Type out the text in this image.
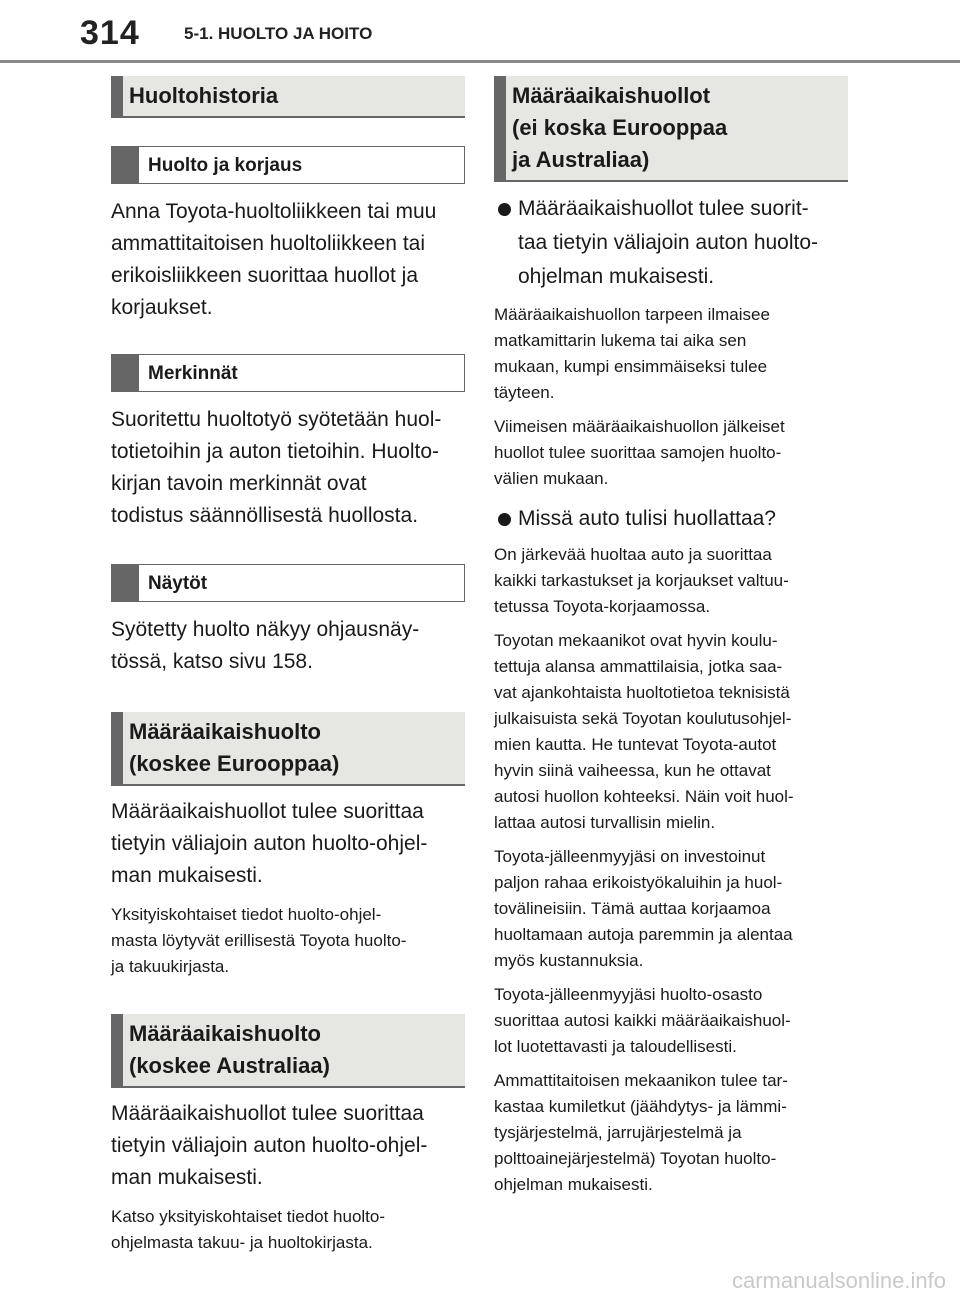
314	5-1. HUOLTO JA HOITO
Huoltohistoria
Huolto ja korjaus

Anna Toyota-huoltoliikkeen tai muu
ammattitaitoisen huoltoliikkeen tai
erikoisliikkeen suorittaa huollot ja
korjaukset.

Merkinnät

Suoritettu huoltotyö syötetään huol-
totietoihin ja auton tietoihin. Huolto-
kirjan tavoin merkinnät ovat
todistus säännöllisestä huollosta.

Näytöt

Syötetty huolto näkyy ohjausnäy-
tössä, katso sivu 158.

Määräaikaishuolto
(koskee Eurooppaa)

Määräaikaishuollot tulee suorittaa
tietyin väliajoin auton huolto-ohjel-
man mukaisesti.

Yksityiskohtaiset tiedot huolto-ohjel-
masta löytyvät erillisestä Toyota huolto-
ja takuukirjasta.

Määräaikaishuolto
(koskee Australiaa)

Määräaikaishuollot tulee suorittaa
tietyin väliajoin auton huolto-ohjel-
man mukaisesti.

Katso yksityiskohtaiset tiedot huolto-
ohjelmasta takuu- ja huoltokirjasta.

Määräaikaishuollot
(ei koska Eurooppaa
ja Australiaa)

Määräaikaishuollot tulee suorit-
taa tietyin väliajoin auton huolto-
ohjelman mukaisesti.

Määräaikaishuollon tarpeen ilmaisee
matkamittarin lukema tai aika sen
mukaan, kumpi ensimmäiseksi tulee
täyteen.

Viimeisen määräaikaishuollon jälkeiset
huollot tulee suorittaa samojen huolto-
välien mukaan.

Missä auto tulisi huollattaa?

On järkevää huoltaa auto ja suorittaa
kaikki tarkastukset ja korjaukset valtuu-
tetussa Toyota-korjaamossa.

Toyotan mekaanikot ovat hyvin koulu-
tettuja alansa ammattilaisia, jotka saa-
vat ajankohtaista huoltotietoa teknisistä
julkaisuista sekä Toyotan koulutusohjel-
mien kautta. He tuntevat Toyota-autot
hyvin siinä vaiheessa, kun he ottavat
autosi huollon kohteeksi. Näin voit huol-
lattaa autosi turvallisin mielin.

Toyota-jälleenmyyjäsi on investoinut
paljon rahaa erikoistyökaluihin ja huol-
tovälineisiin. Tämä auttaa korjaamoa
huoltamaan autoja paremmin ja alentaa
myös kustannuksia.

Toyota-jälleenmyyjäsi huolto-osasto
suorittaa autosi kaikki määräaikaishuol-
lot luotettavasti ja taloudellisesti.

Ammattitaitoisen mekaanikon tulee tar-
kastaa kumiletkut (jäähdytys- ja lämmi-
tysjärjestelmä, jarrujärjestelmä ja
polttoainejärjestelmä) Toyotan huolto-
ohjelman mukaisesti.

carmanualsonline.info
